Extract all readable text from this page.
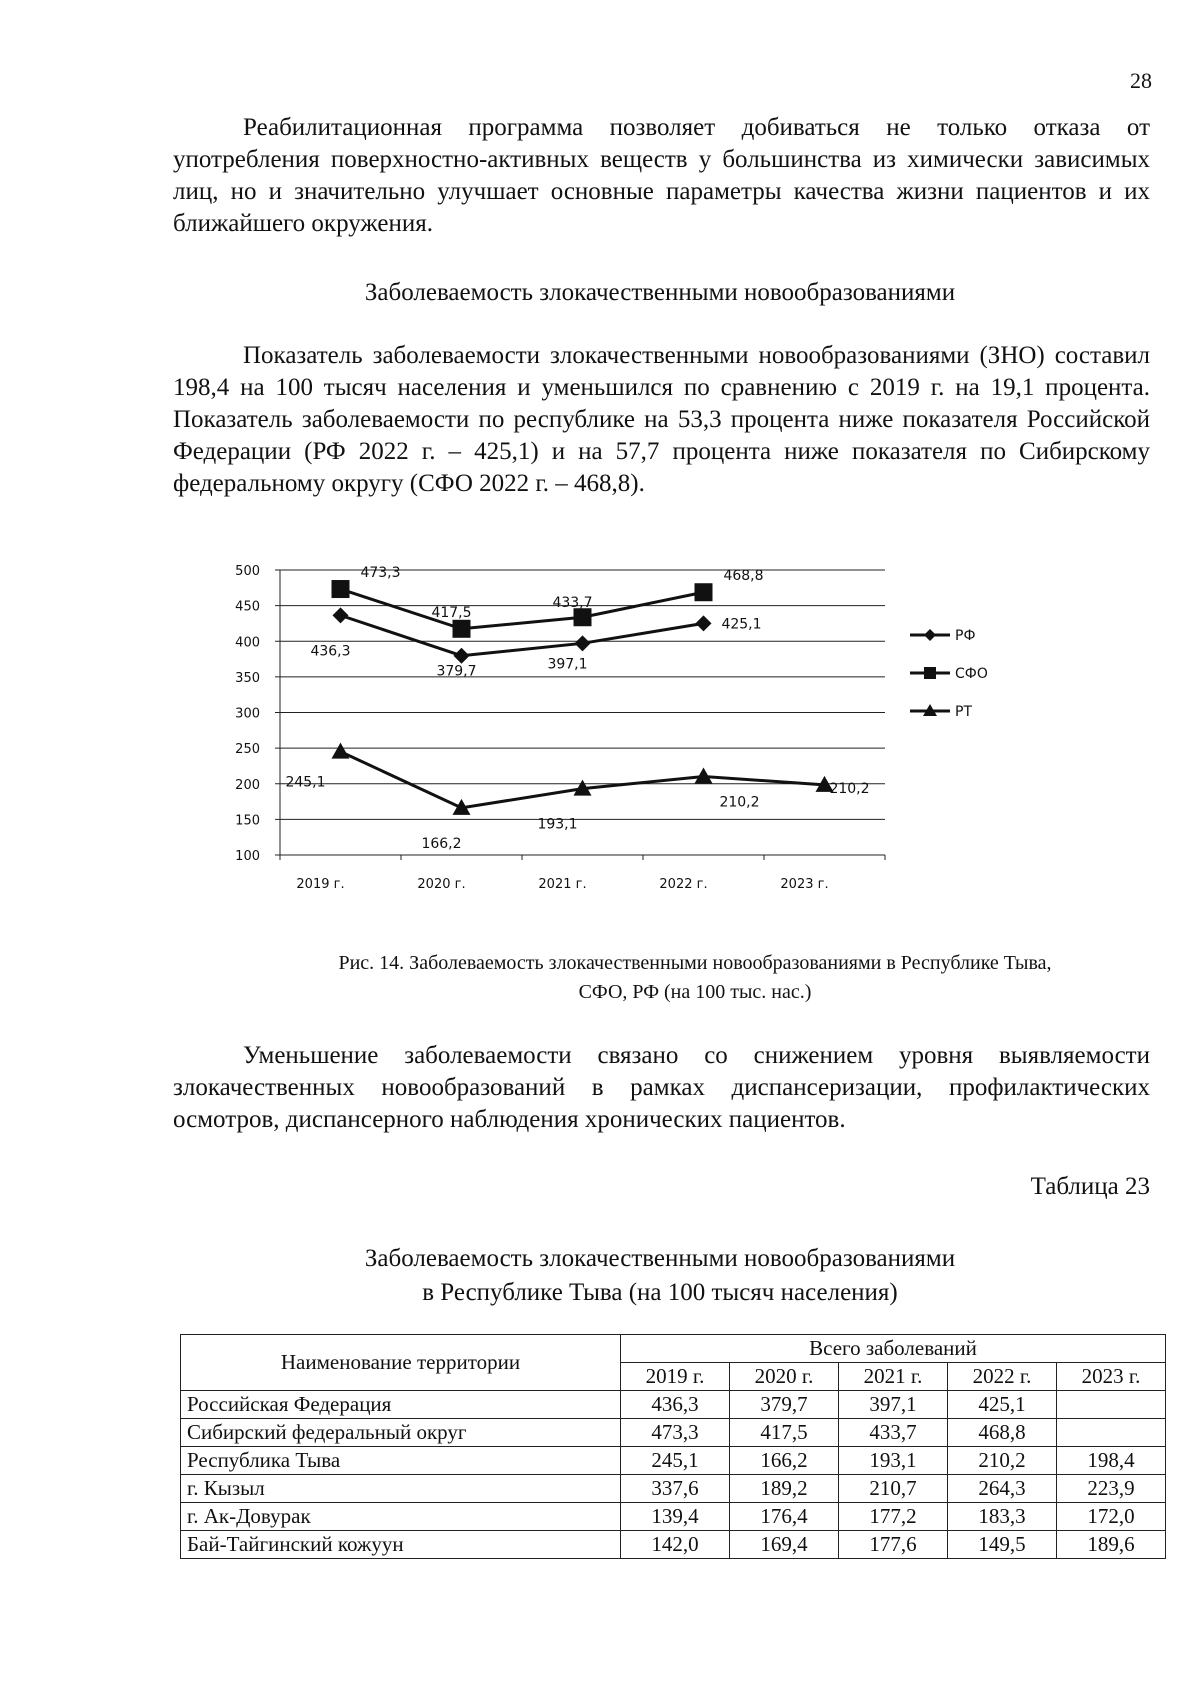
28

Реабилитационная программа позволяет добиваться не только отказа от употребления поверхностно-активных веществ у большинства из химически зависимых лиц, но и значительно улучшает основные параметры качества жизни пациентов и их ближайшего окружения.

Заболеваемость злокачественными новообразованиями

Показатель заболеваемости злокачественными новообразованиями (ЗНО) составил 198,4 на 100 тысяч населения и уменьшился по сравнению с 2019 г. на 19,1 процента. Показатель заболеваемости по республике на 53,3 процента ниже показателя Российской Федерации (РФ 2022 г. – 425,1) и на 57,7 процента ниже показателя по Сибирскому федеральному округу (СФО 2022 г. – 468,8).

100
150
200
250
300
350
400
450
500
2019 г.	2020 г.	2021 г.	2022 г.	2023 г.
436,3
379,7	397,1
425,1
473,3
417,5
433,7
468,8
245,1
166,2
193,1
210,2
210,2
РФ
СФО
РТ

Рис. 14. Заболеваемость злокачественными новообразованиями в Республике Тыва,
СФО, РФ (на 100 тыс. нас.)

Уменьшение заболеваемости связано со снижением уровня выявляемости злокачественных новообразований в рамках диспансеризации, профилактических осмотров, диспансерного наблюдения хронических пациентов.

Таблица 23

Заболеваемость злокачественными новообразованиями
в Республике Тыва (на 100 тысяч населения)

Наименование территории	Всего заболеваний				
	2019 г.	2020 г.	2021 г.	2022 г.	2023 г.
Российская Федерация	436,3	379,7	397,1	425,1	
Сибирский федеральный округ	473,3	417,5	433,7	468,8	
Республика Тыва	245,1	166,2	193,1	210,2	198,4
г. Кызыл	337,6	189,2	210,7	264,3	223,9
г. Ак-Довурак	139,4	176,4	177,2	183,3	172,0
Бай-Тайгинский кожуун	142,0	169,4	177,6	149,5	189,6
